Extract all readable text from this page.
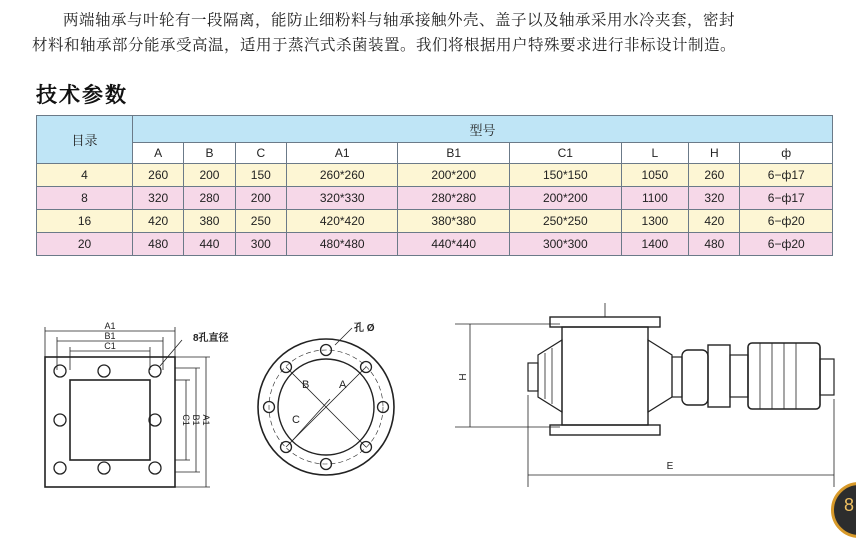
两端轴承与叶轮有一段隔离，能防止细粉料与轴承接触外壳、盖子以及轴承采用水冷夹套，密封

材料和轴承部分能承受高温，适用于蒸汽式杀菌装置。我们将根据用户特殊要求进行非标设计制造。
技术参数
目录	型号								
	A	B	C	A1	B1	C1	L	H	ф
4	260	200	150	260*260	200*200	150*150	1050	260	6−ф17
8	320	280	200	320*330	280*280	200*200	1100	320	6−ф17
16	420	380	250	420*420	380*380	250*250	1300	420	6−ф20
20	480	440	300	480*480	440*440	300*300	1400	480	6−ф20
A1
B1
C1
8孔直径
C1 B1 A1
孔 Ø
A
B
C
H
E
8
